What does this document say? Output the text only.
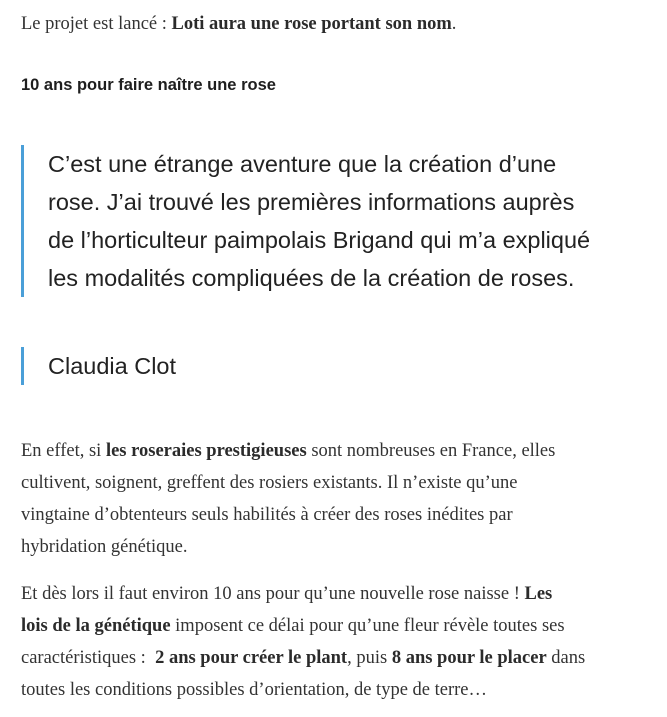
Le projet est lancé : Loti aura une rose portant son nom.

10 ans pour faire naître une rose

C’est une étrange aventure que la création d’une
rose. J’ai trouvé les premières informations auprès
de l’horticulteur paimpolais Brigand qui m’a expliqué
les modalités compliquées de la création de roses.

Claudia Clot

En effet, si les roseraies prestigieuses sont nombreuses en France, elles
cultivent, soignent, greffent des rosiers existants. Il n’existe qu’une
vingtaine d’obtenteurs seuls habilités à créer des roses inédites par
hybridation génétique.

Et dès lors il faut environ 10 ans pour qu’une nouvelle rose naisse ! Les
lois de la génétique imposent ce délai pour qu’une fleur révèle toutes ses
caractéristiques :  2 ans pour créer le plant, puis 8 ans pour le placer dans
toutes les conditions possibles d’orientation, de type de terre…
